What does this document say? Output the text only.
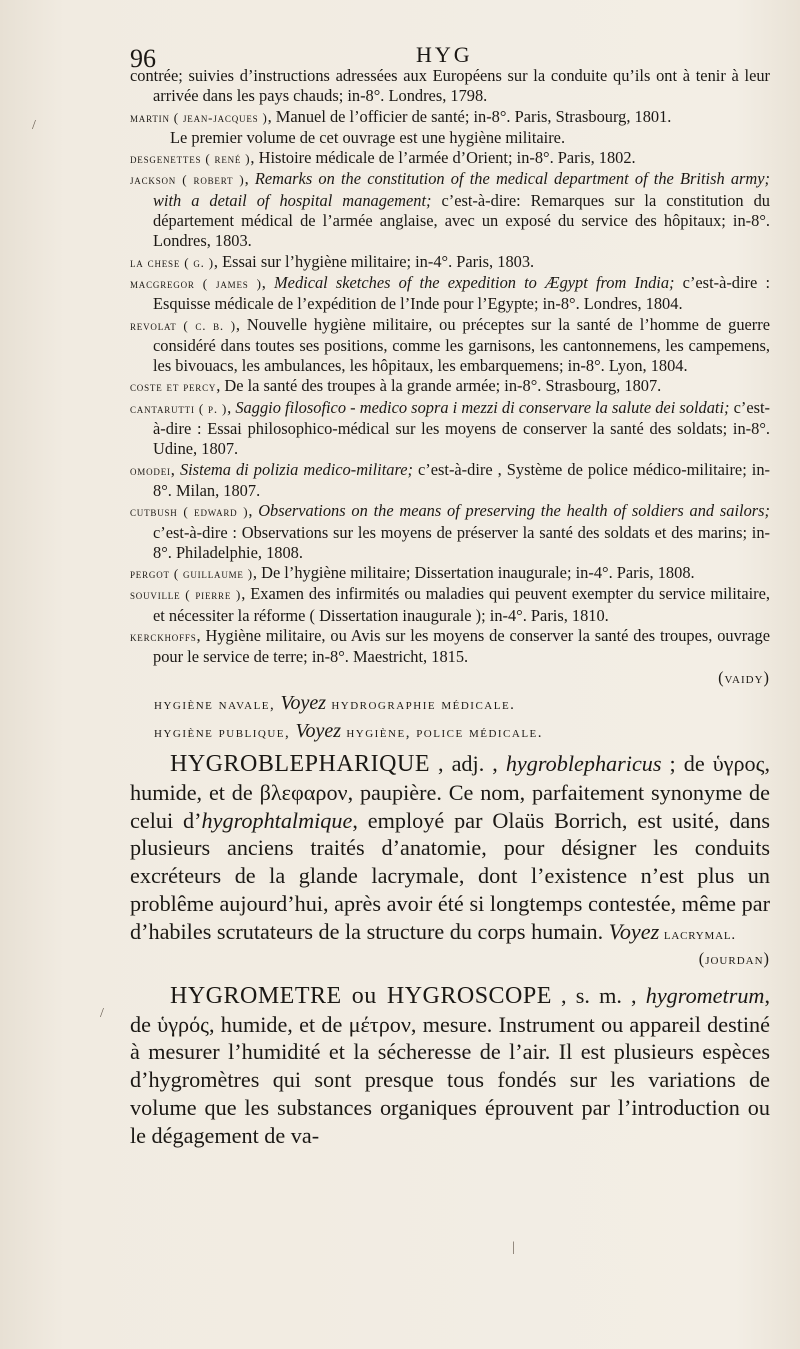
96	HYG

contrée; suivies d’instructions adressées aux Européens sur la conduite qu’ils ont à tenir à leur arrivée dans les pays chauds; in-8°. Londres, 1798.

martin ( jean-jacques ), Manuel de l’officier de santé; in-8°. Paris, Strasbourg, 1801.

Le premier volume de cet ouvrage est une hygiène militaire.

desgenettes ( rené ), Histoire médicale de l’armée d’Orient; in-8°. Paris, 1802.

jackson ( robert ), Remarks on the constitution of the medical department of the British army; with a detail of hospital management; c’est-à-dire: Remarques sur la constitution du département médical de l’armée anglaise, avec un exposé du service des hôpitaux; in-8°. Londres, 1803.

la chese ( g. ), Essai sur l’hygiène militaire; in-4°. Paris, 1803.

macgregor ( james ), Medical sketches of the expedition to Ægypt from India; c’est-à-dire : Esquisse médicale de l’expédition de l’Inde pour l’Egypte; in-8°. Londres, 1804.

revolat ( c. b. ), Nouvelle hygiène militaire, ou préceptes sur la santé de l’homme de guerre considéré dans toutes ses positions, comme les garnisons, les cantonnemens, les campemens, les bivouacs, les ambulances, les hôpitaux, les embarquemens; in-8°. Lyon, 1804.

coste et percy, De la santé des troupes à la grande armée; in-8°. Strasbourg, 1807.

cantarutti ( p. ), Saggio filosofico - medico sopra i mezzi di conservare la salute dei soldati; c’est-à-dire : Essai philosophico-médical sur les moyens de conserver la santé des soldats; in-8°. Udine, 1807.

omodei, Sistema di polizia medico-militare; c’est-à-dire , Système de police médico-militaire; in-8°. Milan, 1807.

cutbush ( edward ), Observations on the means of preserving the health of soldiers and sailors; c’est-à-dire : Observations sur les moyens de préserver la santé des soldats et des marins; in-8°. Philadelphie, 1808.

pergot ( guillaume ), De l’hygiène militaire; Dissertation inaugurale; in-4°. Paris, 1808.

souville ( pierre ), Examen des infirmités ou maladies qui peuvent exempter du service militaire, et nécessiter la réforme ( Dissertation inaugurale ); in-4°. Paris, 1810.

kerckhoffs, Hygiène militaire, ou Avis sur les moyens de conserver la santé des troupes, ouvrage pour le service de terre; in-8°. Maestricht, 1815.

(vaidy)

hygiène navale, Voyez hydrographie médicale.
hygiène publique, Voyez hygiène, police médicale.

HYGROBLEPHARIQUE , adj. , hygroblepharicus ; de ὑγρος, humide, et de βλεφαρον, paupière. Ce nom, parfaitement synonyme de celui d’hygrophtalmique, employé par Olaüs Borrich, est usité, dans plusieurs anciens traités d’anatomie, pour désigner les conduits excréteurs de la glande lacrymale, dont l’existence n’est plus un problême aujourd’hui, après avoir été si longtemps contestée, même par d’habiles scrutateurs de la structure du corps humain. Voyez lacrymal.

(jourdan)

HYGROMETRE ou HYGROSCOPE , s. m. , hygrometrum, de ὑγρός, humide, et de μέτρον, mesure. Instrument ou appareil destiné à mesurer l’humidité et la sécheresse de l’air. Il est plusieurs espèces d’hygromètres qui sont presque tous fondés sur les variations de volume que les substances organiques éprouvent par l’introduction ou le dégagement de va-

/
/
|
